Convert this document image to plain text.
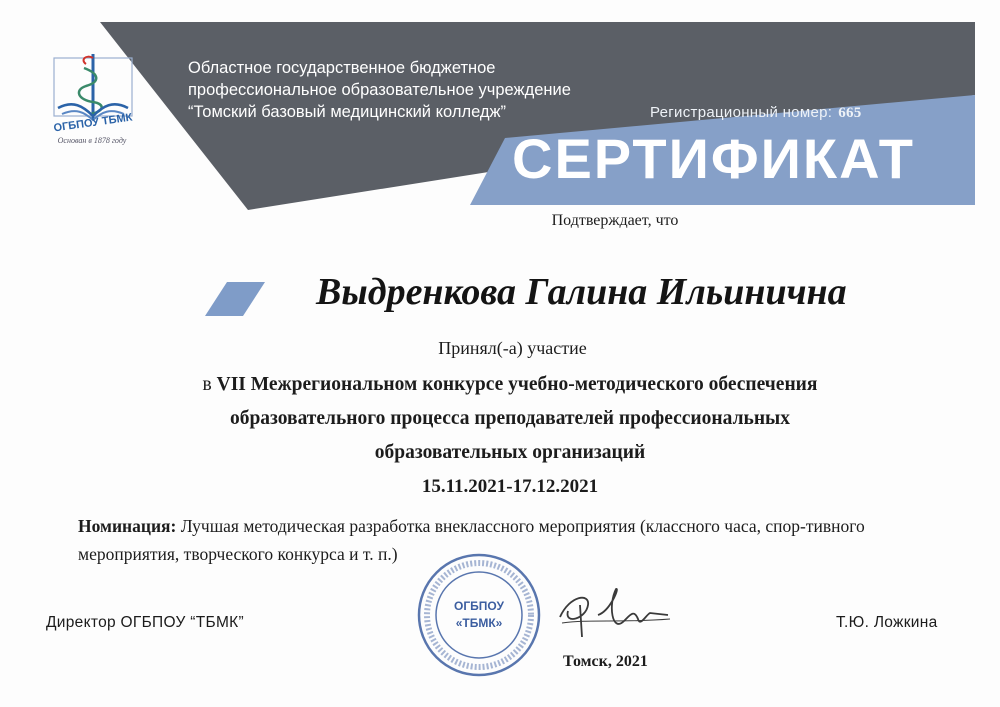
ОГБПОУ ТБМК
Основан в 1878 году
Областное государственное бюджетное
профессиональное образовательное учреждение
“Томский базовый медицинский колледж”	Регистрационный номер: 665
СЕРТИФИКАТ
Подтверждает, что
Выдренкова Галина Ильинична
Принял(-а) участие
в VII Межрегиональном конкурсе учебно-методического обеспечения
образовательного процесса преподавателей профессиональных
образовательных организаций
15.11.2021-17.12.2021
Номинация: Лучшая методическая разработка внеклассного мероприятия (классного часа, спор-тивного мероприятия, творческого конкурса и т. п.)
Директор ОГБПОУ “ТБМК”
ОГБПОУ
«ТБМК»	Т.Ю. Ложкина
Томск, 2021
